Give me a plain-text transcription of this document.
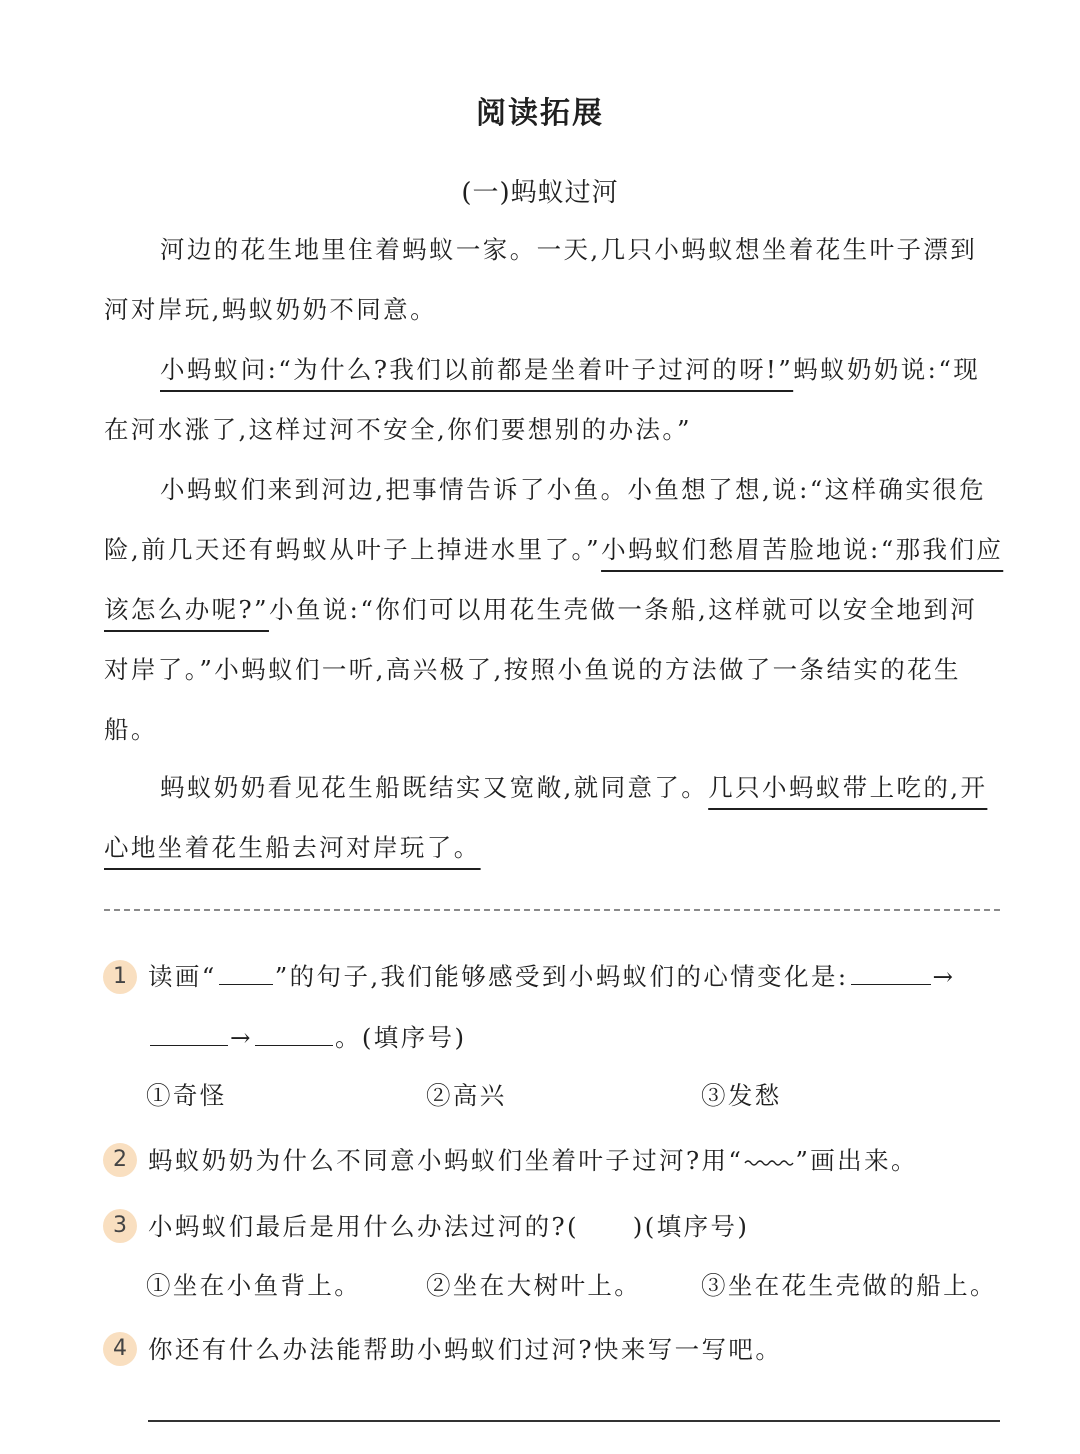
阅读拓展
(一)蚂蚁过河

河边的花生地里住着蚂蚁一家。一天,几只小蚂蚁想坐着花生叶子漂到河对岸玩,蚂蚁奶奶不同意。

小蚂蚁问:“为什么?我们以前都是坐着叶子过河的呀!”蚂蚁奶奶说:“现在河水涨了,这样过河不安全,你们要想别的办法。”

小蚂蚁们来到河边,把事情告诉了小鱼。小鱼想了想,说:“这样确实很危险,前几天还有蚂蚁从叶子上掉进水里了。”小蚂蚁们愁眉苦脸地说:“那我们应该怎么办呢?”小鱼说:“你们可以用花生壳做一条船,这样就可以安全地到河对岸了。”小蚂蚁们一听,高兴极了,按照小鱼说的方法做了一条结实的花生船。

蚂蚁奶奶看见花生船既结实又宽敞,就同意了。几只小蚂蚁带上吃的,开心地坐着花生船去河对岸玩了。

1 读画“ ”的句子,我们能够感受到小蚂蚁们的心情变化是:	→
→	。(填序号)
①奇怪	②高兴	③发愁
2 蚂蚁奶奶为什么不同意小蚂蚁们坐着叶子过河?用“ ”画出来。
3 小蚂蚁们最后是用什么办法过河的?(　　)(填序号)
①坐在小鱼背上。	②坐在大树叶上。 ③坐在花生壳做的船上。
4 你还有什么办法能帮助小蚂蚁们过河?快来写一写吧。
